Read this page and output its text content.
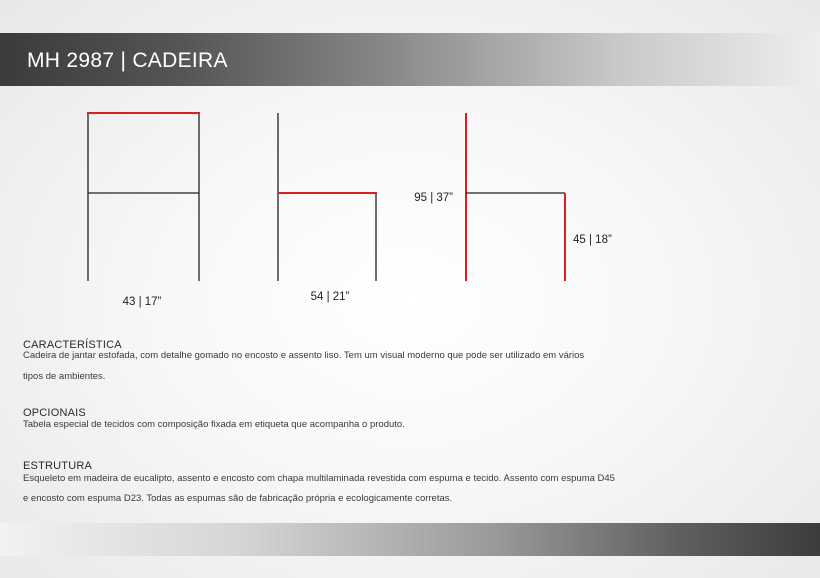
MH 2987 | CADEIRA
43 | 17”	54 | 21”
95 | 37”
45 | 18”
CARACTERÍSTICA

Cadeira de jantar estofada, com detalhe gomado no encosto e assento liso. Tem um visual moderno que pode ser utilizado em vários

tipos de ambientes.

OPCIONAIS

Tabela especial de tecidos com composição fixada em etiqueta que acompanha o produto.

ESTRUTURA

Esqueleto em madeira de eucalipto, assento e encosto com chapa multilaminada revestida com espuma e tecido. Assento com espuma D45

e encosto com espuma D23. Todas as espumas são de fabricação própria e ecologicamente corretas.
